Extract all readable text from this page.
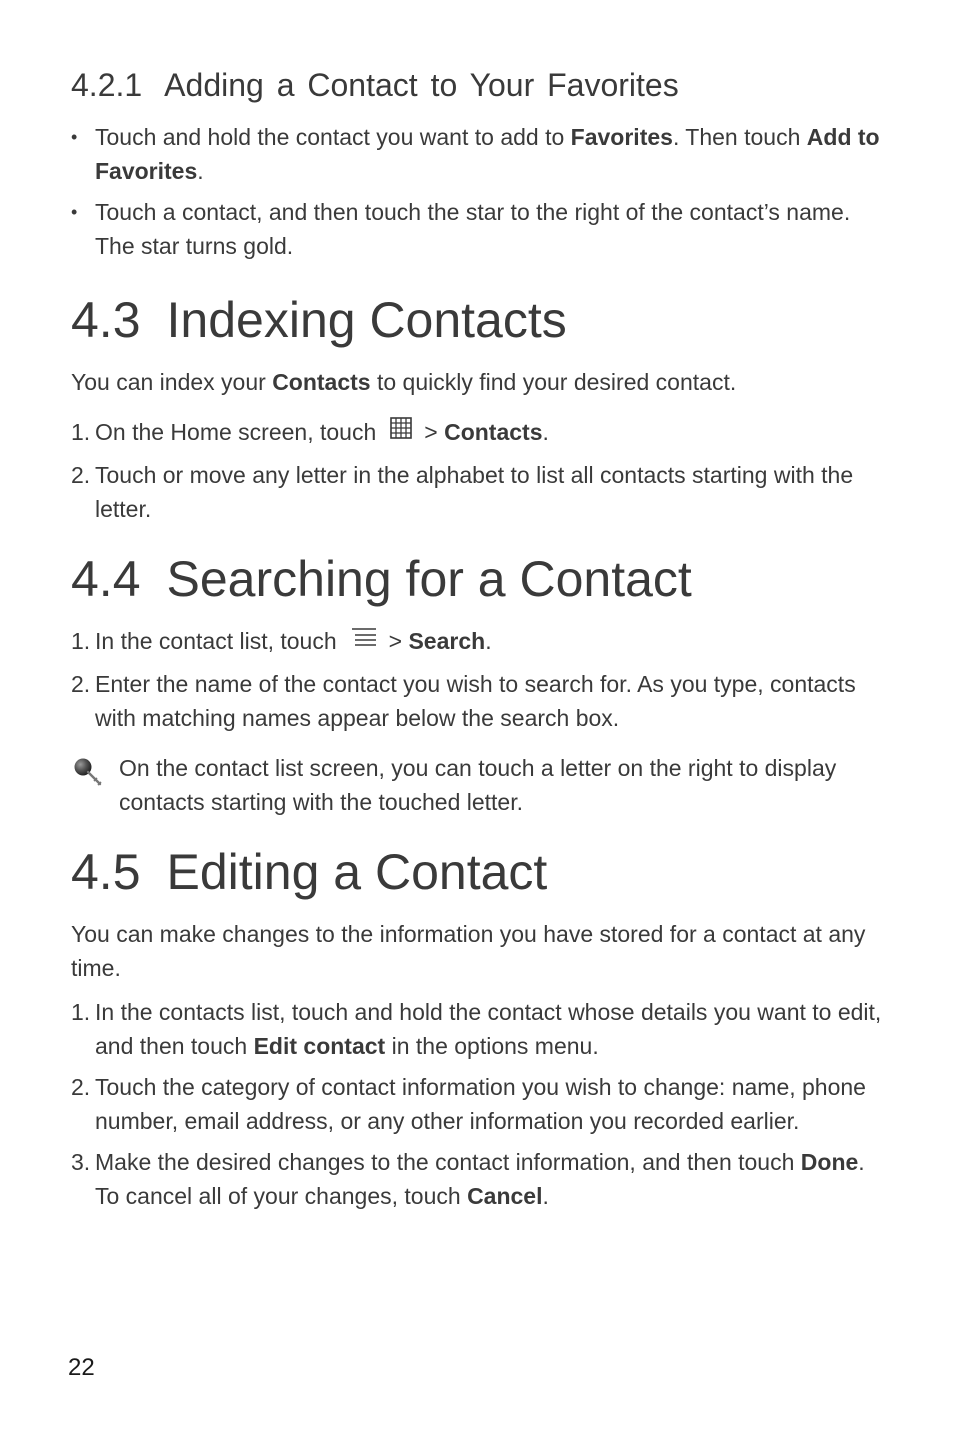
4.2.1 Adding a Contact to Your Favorites
• Touch and hold the contact you want to add to Favorites. Then touch Add to Favorites.
• Touch a contact, and then touch the star to the right of the contact’s name. The star turns gold.
4.3 Indexing Contacts

You can index your Contacts to quickly find your desired contact.

1. On the Home screen, touch > Contacts.
2. Touch or move any letter in the alphabet to list all contacts starting with the letter.
4.4 Searching for a Contact
1. In the contact list, touch > Search.
2. Enter the name of the contact you wish to search for. As you type, contacts with matching names appear below the search box.
On the contact list screen, you can touch a letter on the right to display contacts starting with the touched letter.
4.5 Editing a Contact

You can make changes to the information you have stored for a contact at any time.

1. In the contacts list, touch and hold the contact whose details you want to edit, and then touch Edit contact in the options menu.
2. Touch the category of contact information you wish to change: name, phone number, email address, or any other information you recorded earlier.
3. Make the desired changes to the contact information, and then touch Done. To cancel all of your changes, touch Cancel.
22
